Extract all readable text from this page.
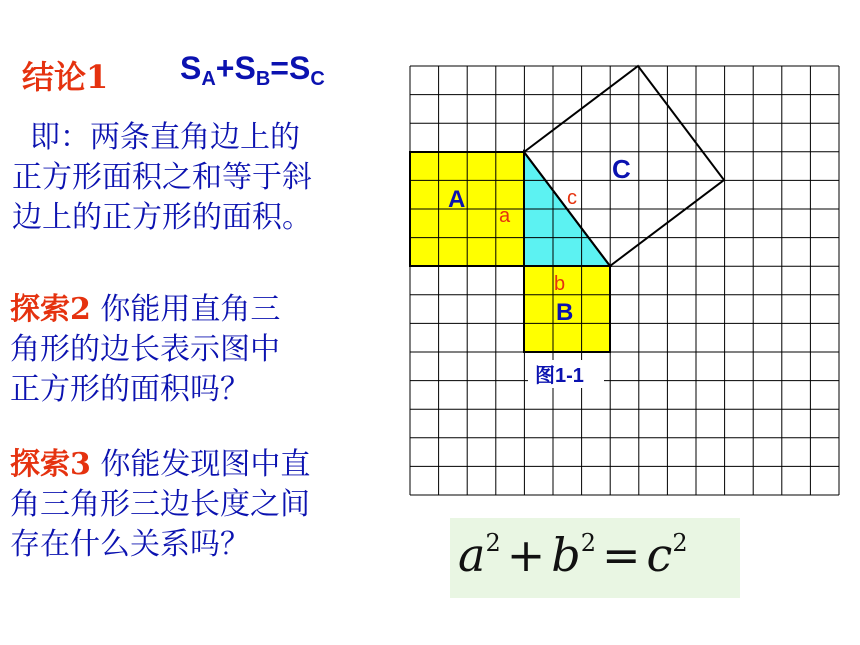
结论1 $S_A+S_B=S_C$
即：两条直角边上的
正方形面积之和等于斜
边上的正方形的面积。
探索2 你能用直角三
角形的边长表示图中
正方形的面积吗？
探索3 你能发现图中直
角三角形三边长度之间
存在什么关系吗？
A
B
C
a
b
c
图1-1
$a^2 + b^2 = c^2$
